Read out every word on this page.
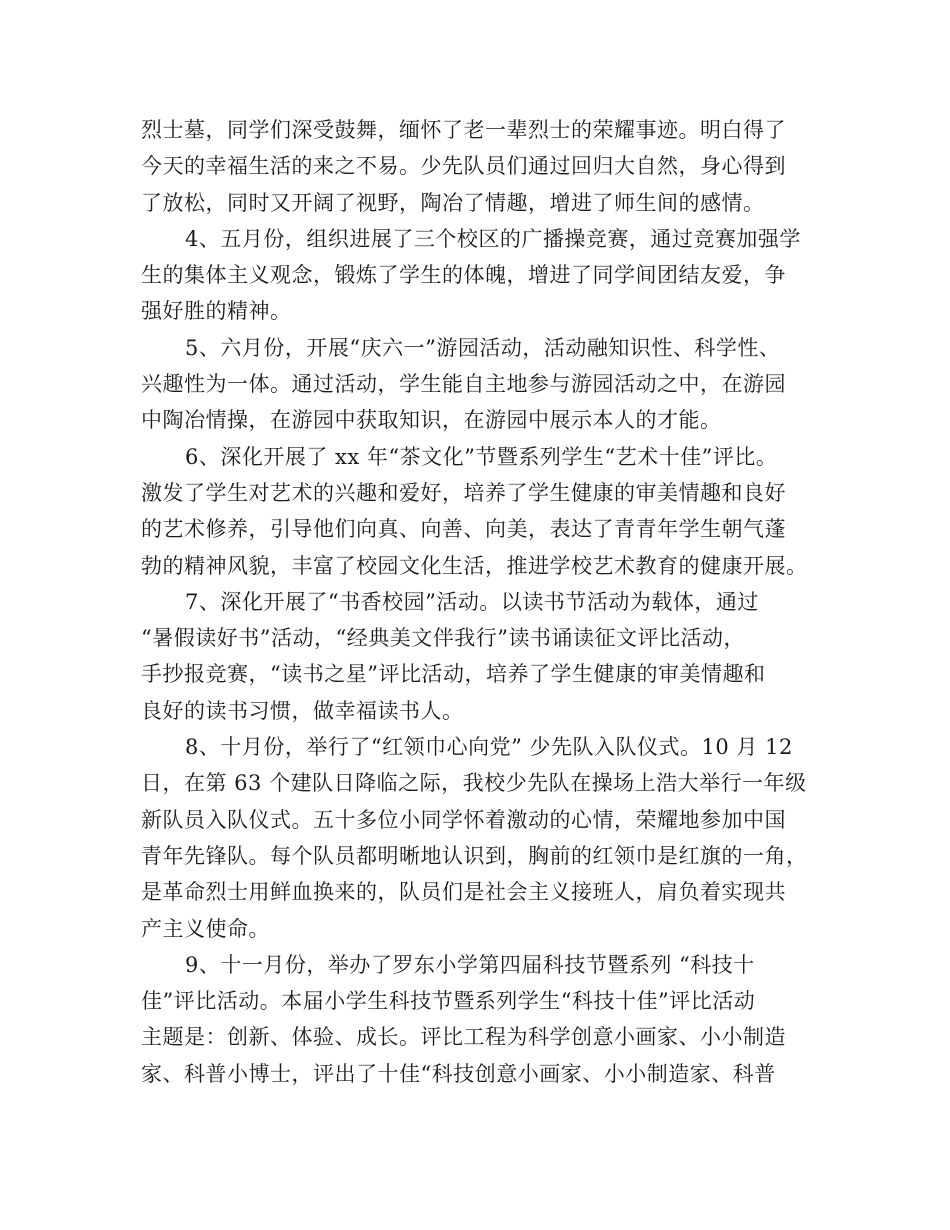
烈士墓，同学们深受鼓舞，缅怀了老一辈烈士的荣耀事迹。明白得了
今天的幸福生活的来之不易。少先队员们通过回归大自然，身心得到
了放松，同时又开阔了视野，陶冶了情趣，增进了师生间的感情。
4、五月份，组织进展了三个校区的广播操竞赛，通过竞赛加强学
生的集体主义观念，锻炼了学生的体魄，增进了同学间团结友爱，争
强好胜的精神。
5、六月份，开展“庆六一”游园活动，活动融知识性、科学性、
兴趣性为一体。通过活动，学生能自主地参与游园活动之中，在游园
中陶冶情操，在游园中获取知识，在游园中展示本人的才能。
6、深化开展了 xx 年“茶文化”节暨系列学生“艺术十佳”评比。
激发了学生对艺术的兴趣和爱好，培养了学生健康的审美情趣和良好
的艺术修养，引导他们向真、向善、向美，表达了青青年学生朝气蓬
勃的精神风貌，丰富了校园文化生活，推进学校艺术教育的健康开展。
7、深化开展了“书香校园”活动。以读书节活动为载体，通过
“暑假读好书”活动，“经典美文伴我行”读书诵读征文评比活动，
手抄报竞赛，“读书之星”评比活动，培养了学生健康的审美情趣和
良好的读书习惯，做幸福读书人。
8、十月份，举行了“红领巾心向党” 少先队入队仪式。10 月 12
日，在第 63 个建队日降临之际，我校少先队在操场上浩大举行一年级
新队员入队仪式。五十多位小同学怀着激动的心情，荣耀地参加中国
青年先锋队。每个队员都明晰地认识到，胸前的红领巾是红旗的一角，
是革命烈士用鲜血换来的，队员们是社会主义接班人，肩负着实现共
产主义使命。
9、十一月份，举办了罗东小学第四届科技节暨系列 “科技十
佳”评比活动。本届小学生科技节暨系列学生“科技十佳”评比活动
主题是：创新、体验、成长。评比工程为科学创意小画家、小小制造
家、科普小博士，评出了十佳“科技创意小画家、小小制造家、科普
